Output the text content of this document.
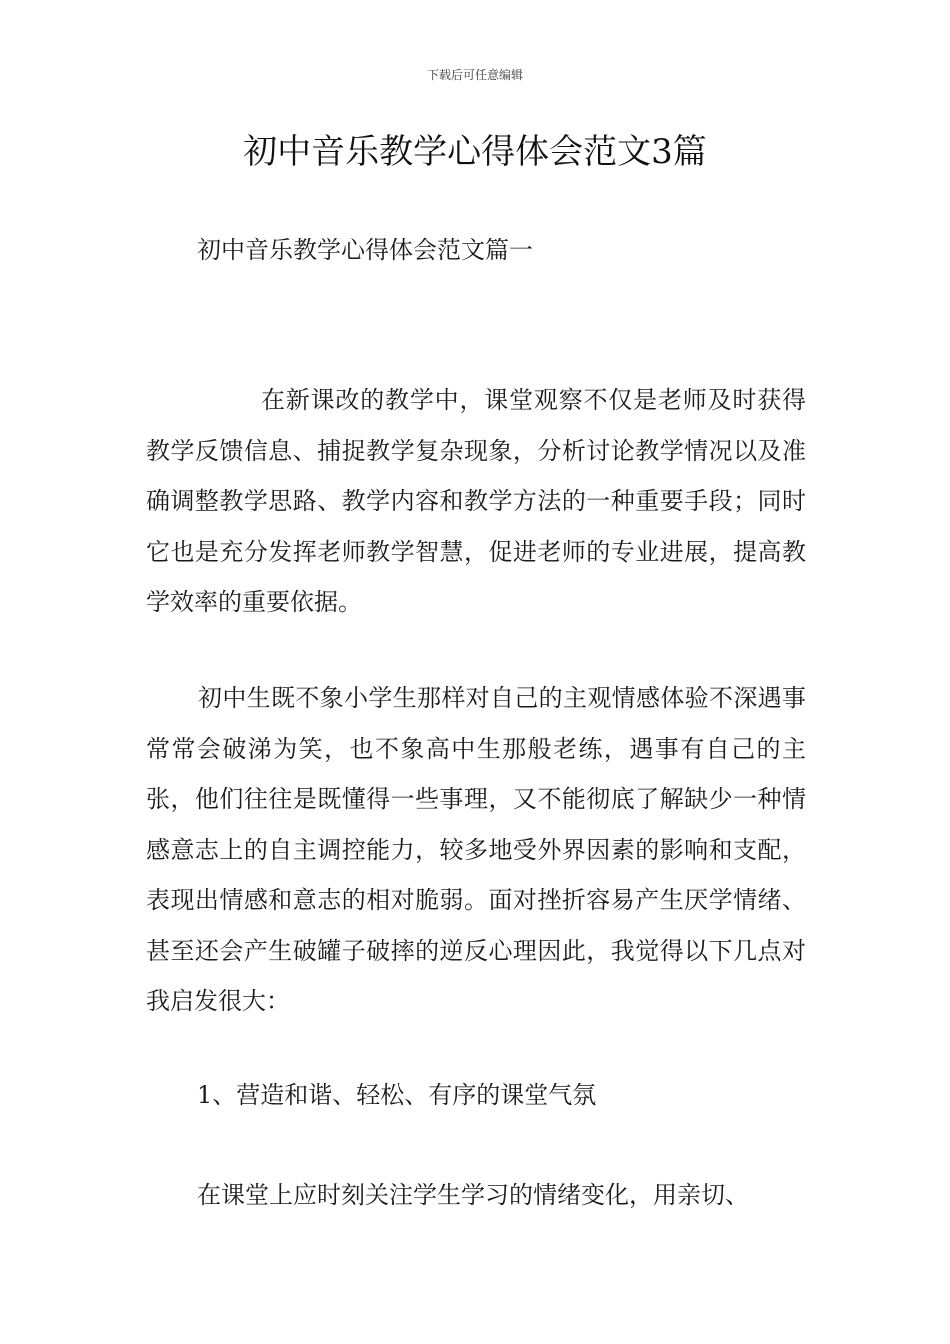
下载后可任意编辑
初中音乐教学心得体会范文3篇
初中音乐教学心得体会范文篇一

在新课改的教学中，课堂观察不仅是老师及时获得教学反馈信息、捕捉教学复杂现象，分析讨论教学情况以及准确调整教学思路、教学内容和教学方法的一种重要手段；同时它也是充分发挥老师教学智慧，促进老师的专业进展，提高教学效率的重要依据。

初中生既不象小学生那样对自己的主观情感体验不深遇事常常会破涕为笑，也不象高中生那般老练，遇事有自己的主张，他们往往是既懂得一些事理，又不能彻底了解缺少一种情感意志上的自主调控能力，较多地受外界因素的影响和支配，表现出情感和意志的相对脆弱。面对挫折容易产生厌学情绪、甚至还会产生破罐子破摔的逆反心理因此，我觉得以下几点对我启发很大：

1、营造和谐、轻松、有序的课堂气氛

在课堂上应时刻关注学生学习的情绪变化，用亲切、
